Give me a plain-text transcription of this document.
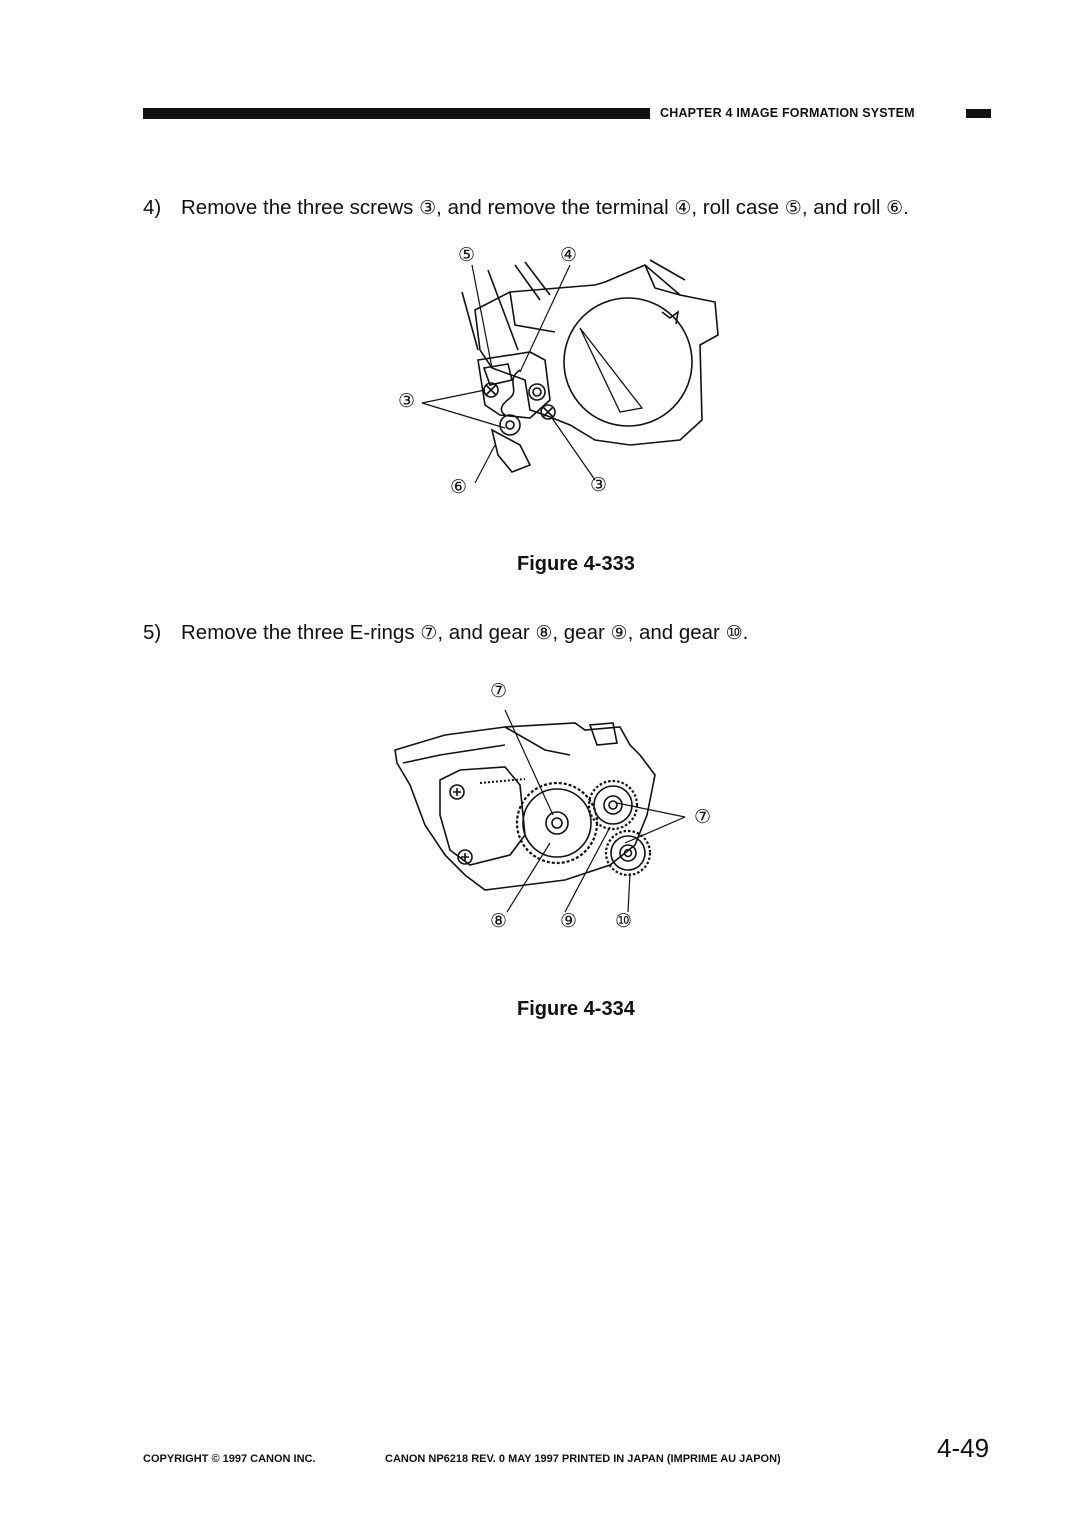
CHAPTER 4 IMAGE FORMATION SYSTEM
4) Remove the three screws ③, and remove the terminal ④, roll case ⑤, and roll ⑥.
⑤	④
③
⑥	③
Figure 4-333
5) Remove the three E-rings ⑦, and gear ⑧, gear ⑨, and gear ⑩.
⑦
⑦
⑧	⑨ ⑩
Figure 4-334
COPYRIGHT © 1997 CANON INC.	CANON NP6218 REV. 0 MAY 1997 PRINTED IN JAPAN (IMPRIME AU JAPON)	4-49
